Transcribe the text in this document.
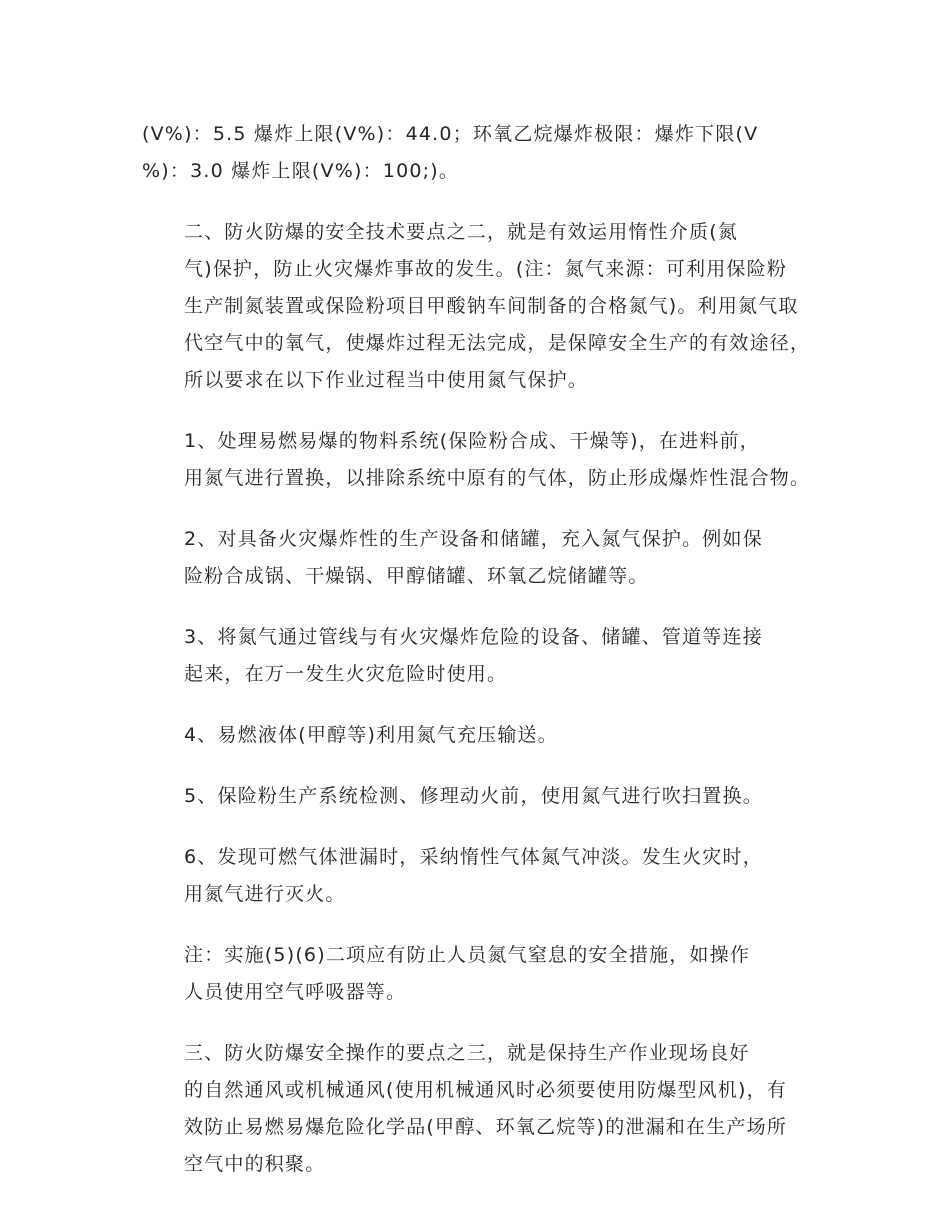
(V%)：5.5 爆炸上限(V%)：44.0；环氧乙烷爆炸极限：爆炸下限(V
%)：3.0 爆炸上限(V%)：100;)。

二、防火防爆的安全技术要点之二，就是有效运用惰性介质(氮
气)保护，防止火灾爆炸事故的发生。(注：氮气来源：可利用保险粉
生产制氮装置或保险粉项目甲酸钠车间制备的合格氮气)。利用氮气取
代空气中的氧气，使爆炸过程无法完成，是保障安全生产的有效途径，
所以要求在以下作业过程当中使用氮气保护。

1、处理易燃易爆的物料系统(保险粉合成、干燥等)，在进料前，
用氮气进行置换，以排除系统中原有的气体，防止形成爆炸性混合物。

2、对具备火灾爆炸性的生产设备和储罐，充入氮气保护。例如保
险粉合成锅、干燥锅、甲醇储罐、环氧乙烷储罐等。

3、将氮气通过管线与有火灾爆炸危险的设备、储罐、管道等连接
起来，在万一发生火灾危险时使用。

4、易燃液体(甲醇等)利用氮气充压输送。

5、保险粉生产系统检测、修理动火前，使用氮气进行吹扫置换。

6、发现可燃气体泄漏时，采纳惰性气体氮气冲淡。发生火灾时，
用氮气进行灭火。

注：实施(5)(6)二项应有防止人员氮气窒息的安全措施，如操作
人员使用空气呼吸器等。

三、防火防爆安全操作的要点之三，就是保持生产作业现场良好
的自然通风或机械通风(使用机械通风时必须要使用防爆型风机)，有
效防止易燃易爆危险化学品(甲醇、环氧乙烷等)的泄漏和在生产场所
空气中的积聚。
